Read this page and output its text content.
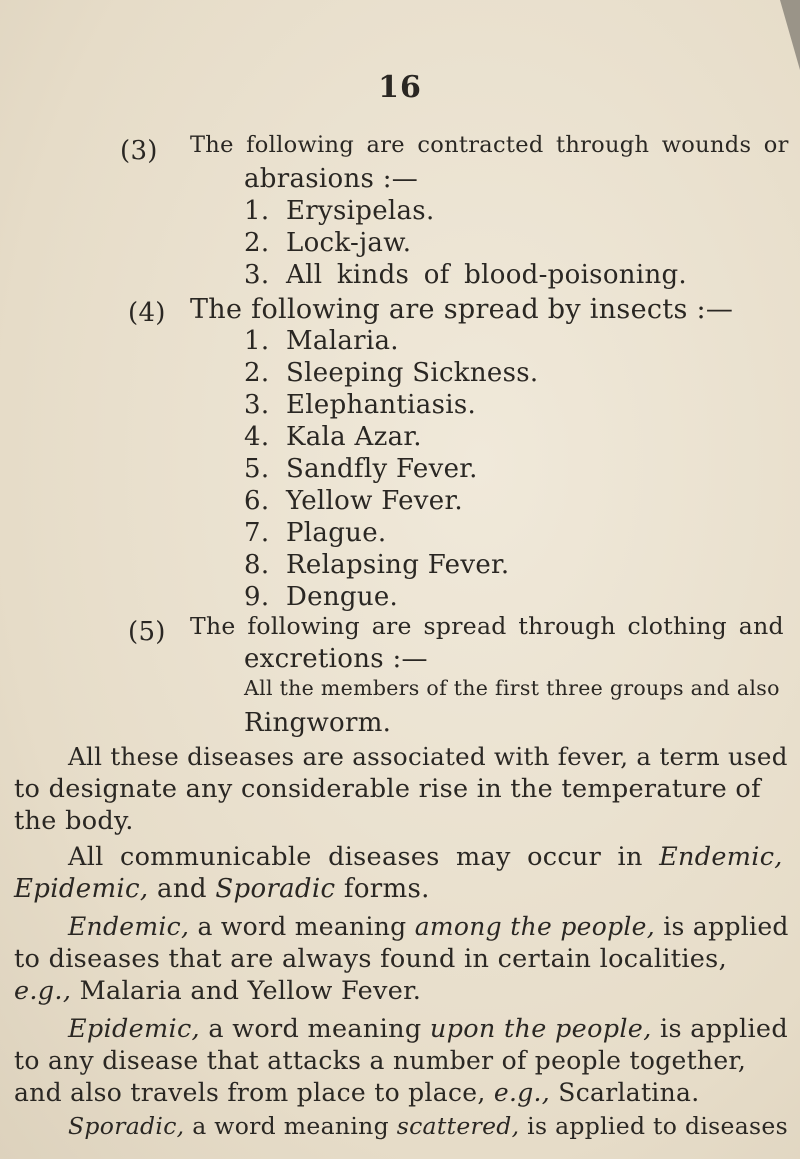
16
(3) The following are contracted through wounds or
abrasions :—
1. Erysipelas.
2. Lock-jaw.
3. All kinds of blood-poisoning.
(4) The following are spread by insects :—
1. Malaria.
2. Sleeping Sickness.
3. Elephantiasis.
4. Kala Azar.
5. Sandfly Fever.
6. Yellow Fever.
7. Plague.
8. Relapsing Fever.
9. Dengue.
(5) The following are spread through clothing and
excretions :—
All the members of the first three groups and also
Ringworm.
All these diseases are associated with fever, a term used
to designate any considerable rise in the temperature of
the body.
All communicable diseases may occur in Endemic,
Epidemic, and Sporadic forms.
Endemic, a word meaning among the people, is applied
to diseases that are always found in certain localities,
e.g., Malaria and Yellow Fever.
Epidemic, a word meaning upon the people, is applied
to any disease that attacks a number of people together,
and also travels from place to place, e.g., Scarlatina.
Sporadic, a word meaning scattered, is applied to diseases
